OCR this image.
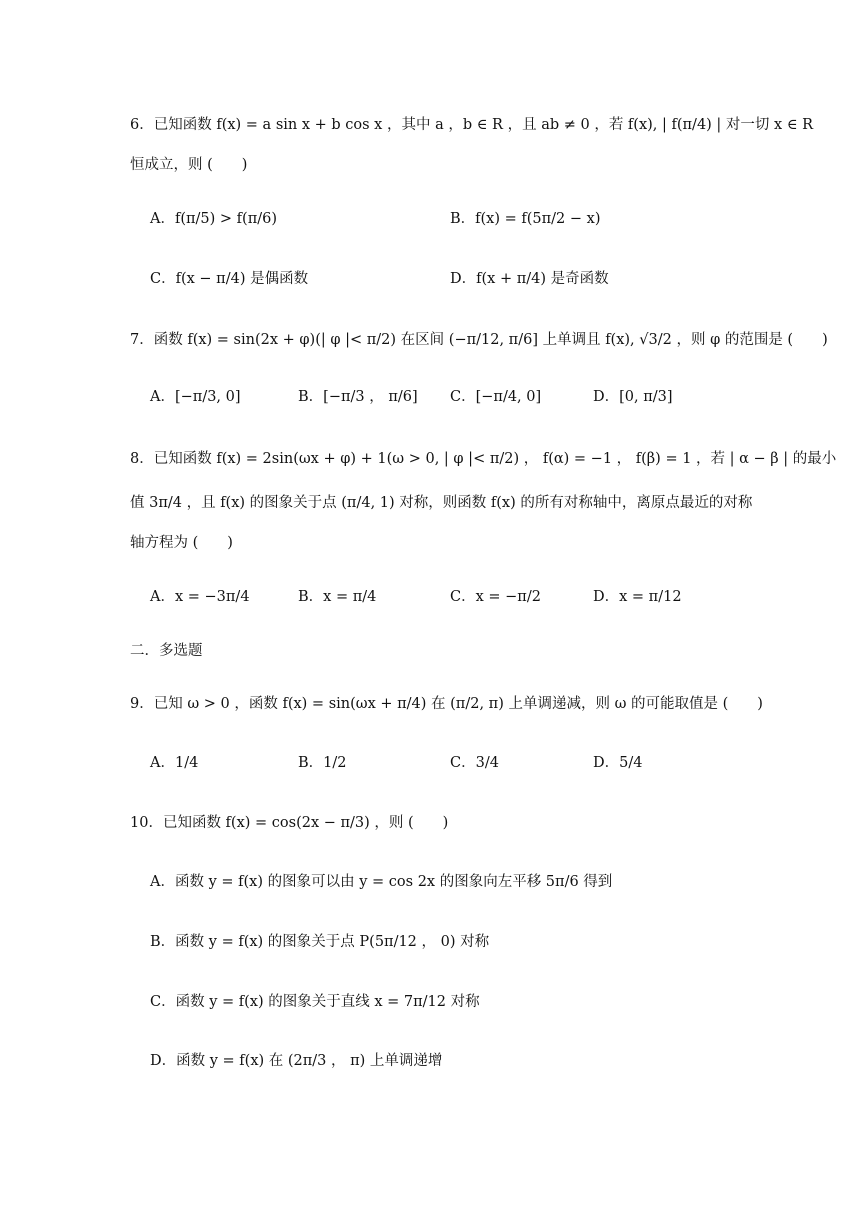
6．已知函数 f(x) = a sin x + b cos x ，其中 a ，b ∈ R ，且 ab ≠ 0 ，若 f(x), | f(π/4) | 对一切 x ∈ R
恒成立，则 (　　)
A．f(π/5) > f(π/6)	B．f(x) = f(5π/2 − x)
C．f(x − π/4) 是偶函数	D．f(x + π/4) 是奇函数
7．函数 f(x) = sin(2x + φ)(| φ |< π/2) 在区间 (−π/12, π/6] 上单调且 f(x), √3/2 ，则 φ 的范围是 (　　)
A．[−π/3, 0]	B．[−π/3 ， π/6] C．[−π/4, 0]	D．[0, π/3]
8．已知函数 f(x) = 2sin(ωx + φ) + 1(ω > 0, | φ |< π/2) ， f(α) = −1 ， f(β) = 1 ，若 | α − β | 的最小
值 3π/4 ，且 f(x) 的图象关于点 (π/4, 1) 对称，则函数 f(x) 的所有对称轴中，离原点最近的对称
轴方程为 (　　)
A．x = −3π/4	B．x = π/4	C．x = −π/2	D．x = π/12
二．多选题
9．已知 ω > 0 ，函数 f(x) = sin(ωx + π/4) 在 (π/2, π) 上单调递减，则 ω 的可能取值是 (　　)
A．1/4	B．1/2	C．3/4	D．5/4
10．已知函数 f(x) = cos(2x − π/3) ，则 (　　)
A．函数 y = f(x) 的图象可以由 y = cos 2x 的图象向左平移 5π/6 得到
B．函数 y = f(x) 的图象关于点 P(5π/12 ， 0) 对称
C．函数 y = f(x) 的图象关于直线 x = 7π/12 对称
D．函数 y = f(x) 在 (2π/3 ， π) 上单调递增
